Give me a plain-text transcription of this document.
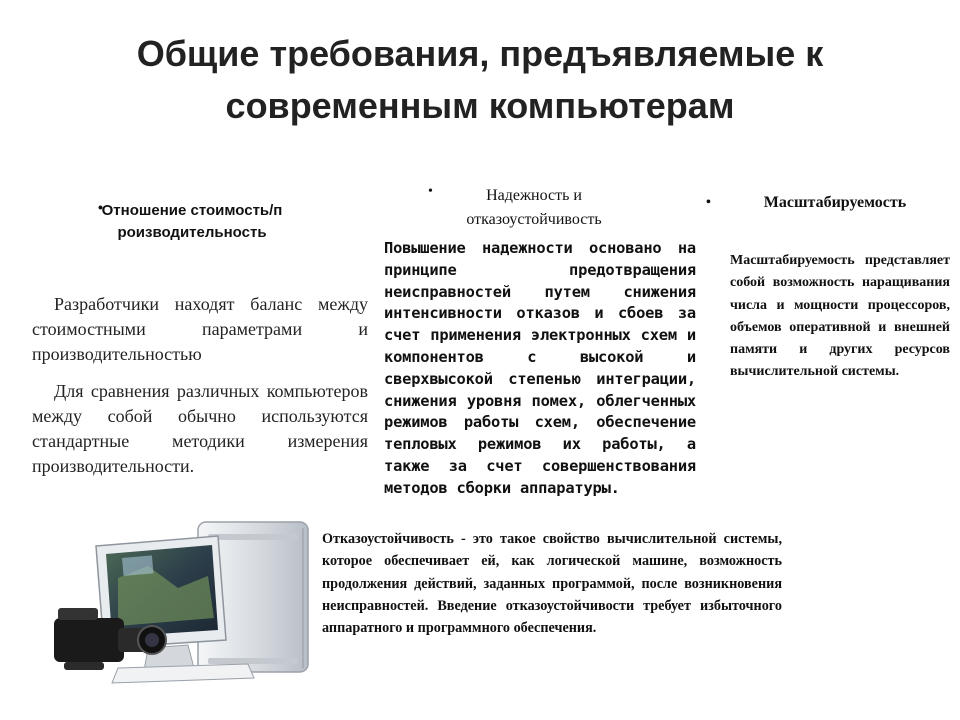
Общие требования, предъявляемые к современным компьютерам
•
Отношение стоимость/производительность
•	Надежность и отказоустойчивость
•	Масштабируемость

Разработчики находят баланс между стоимостными параметрами и производительностью

Для сравнения различных компьютеров между собой обычно используются стандартные методики измерения производительности.

Повышение надежности основано на принципе предотвращения неисправностей путем снижения интенсивности отказов и сбоев за счет применения электронных схем и компонентов с высокой и сверхвысокой степенью интеграции, снижения уровня помех, облегченных режимов работы схем, обеспечение тепловых режимов их работы, а также за счет совершенствования методов сборки аппаратуры.
Масштабируемость представляет собой возможность наращивания числа и мощности процессоров, объемов оперативной и внешней памяти и других ресурсов вычислительной системы.
Отказоустойчивость - это такое свойство вычислительной системы, которое обеспечивает ей, как логической машине, возможность продолжения действий, заданных программой, после возникновения неисправностей. Введение отказоустойчивости требует избыточного аппаратного и программного обеспечения.
